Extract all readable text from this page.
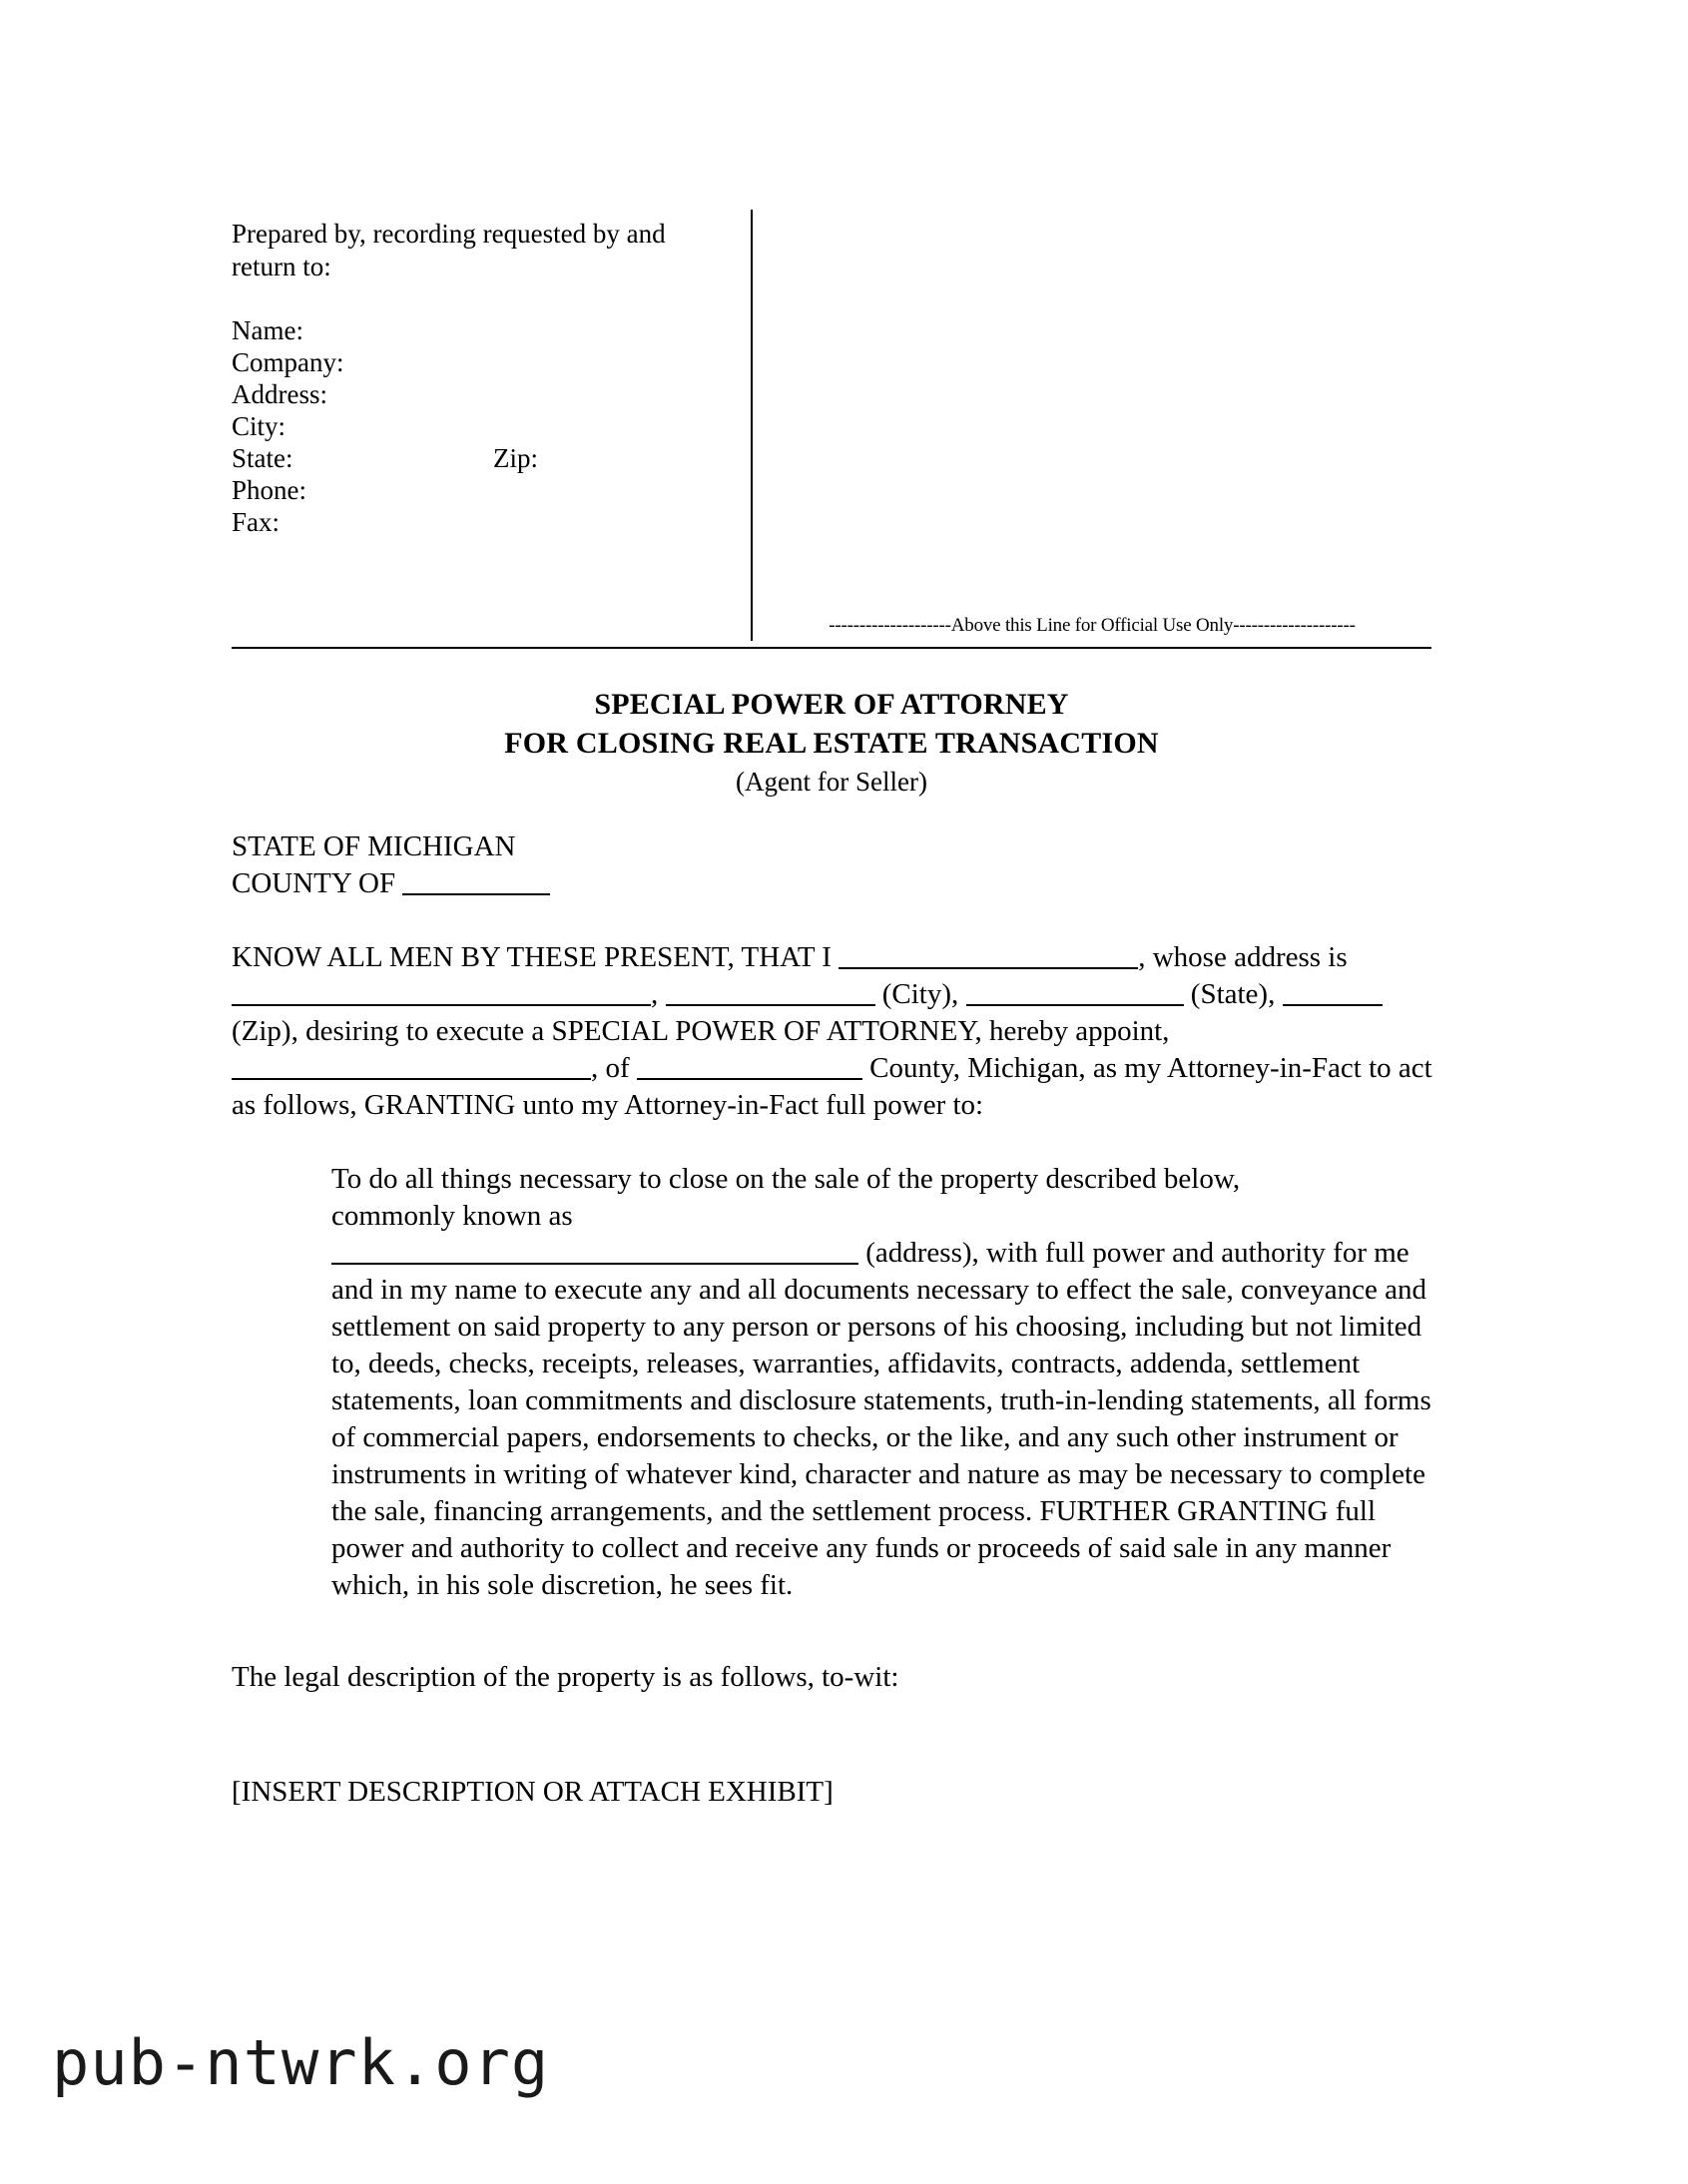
Prepared by, recording requested by and return to:
Name:
Company:
Address:
City:
State:	Zip:
Phone:
Fax:
--------------------Above this Line for Official Use Only--------------------
SPECIAL POWER OF ATTORNEY
FOR CLOSING REAL ESTATE TRANSACTION
(Agent for Seller)
STATE OF MICHIGAN
COUNTY OF
KNOW ALL MEN BY THESE PRESENT, THAT I	, whose address is ,	(City),	(State),  (Zip), desiring to execute a SPECIAL POWER OF ATTORNEY, hereby appoint, , of	County, Michigan, as my Attorney-in-Fact to act as follows, GRANTING unto my Attorney-in-Fact full power to:
To do all things necessary to close on the sale of the property described below,
commonly known as
(address), with full power and authority for me and in my name to execute any and all documents necessary to effect the sale, conveyance and settlement on said property to any person or persons of his choosing, including but not limited to, deeds, checks, receipts, releases, warranties, affidavits, contracts, addenda, settlement statements, loan commitments and disclosure statements, truth-in-lending statements, all forms of commercial papers, endorsements to checks, or the like, and any such other instrument or instruments in writing of whatever kind, character and nature as may be necessary to complete the sale, financing arrangements, and the settlement process. FURTHER GRANTING full power and authority to collect and receive any funds or proceeds of said sale in any manner which, in his sole discretion, he sees fit.
The legal description of the property is as follows, to-wit:
[INSERT DESCRIPTION OR ATTACH EXHIBIT]
pub-ntwrk.org
